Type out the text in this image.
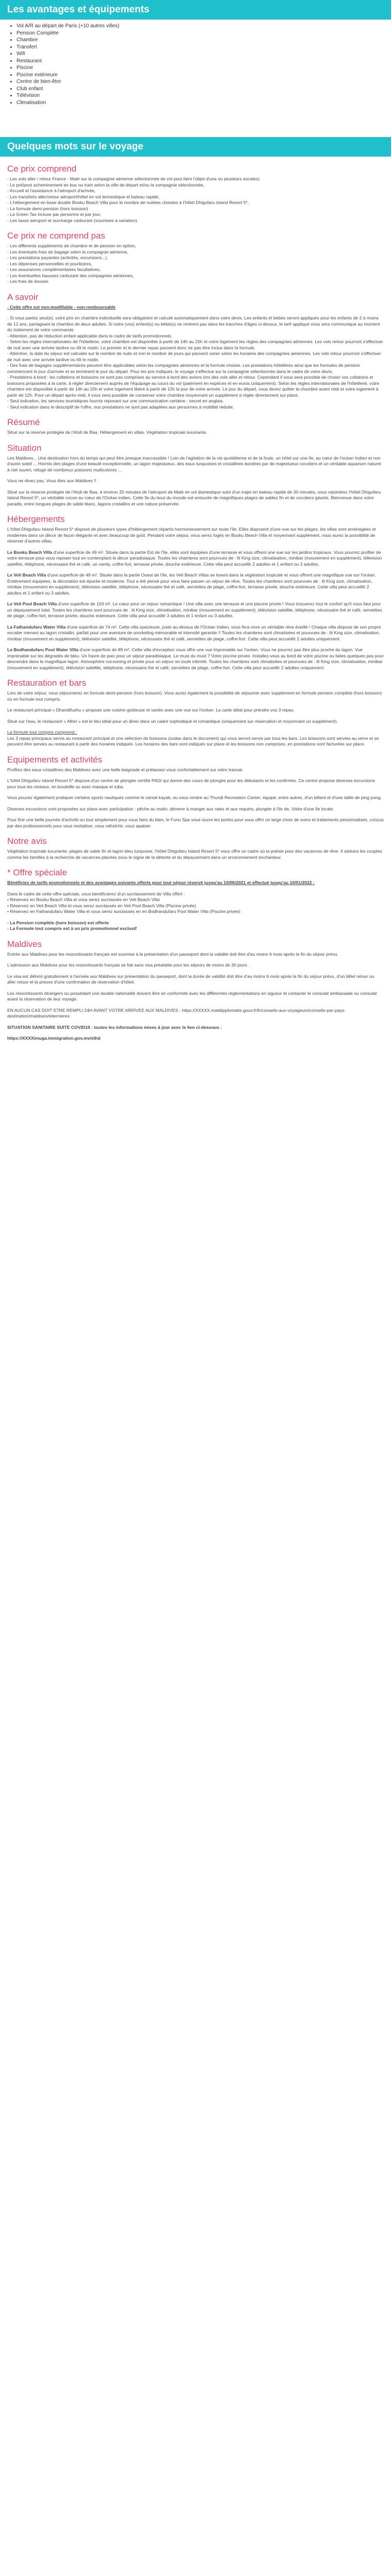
Les avantages et équipements
• Vol A/R au départ de Paris (+10 autres villes)
• Pension Complète
• Chambre
• Transfert
• Wifi
• Restaurant
• Piscine
• Piscine extérieure
• Centre de bien-être
• Club enfant
• Télévision
• Climatisation
Quelques mots sur le voyage
Ce prix comprend

- Les vols aller / retour France - Malé sur la compagnie aérienne sélectionnée de vol peut faire l'objet d'une ou plusieurs escales)

- Le pré/post acheminement en bus ou train selon la ville de départ et/ou la compagnie sélectionnée,

- Accueil et l'assistance à l'aéroport d'arrivée,

- Les transferts aller/retour aéroport/hôtel en vol domestique et bateau rapide,

- L'hébergement en base double Booku Beach Villa pour le nombre de nuitées choisies à l'hôtel Dhigufaru Island Resort 5*,

- La formule demi-pension (hors boisson)

- La Green Tax incluse par personne et par jour,

- Les taxes aéroport et surcharge carburant (soumises à variation).

Ce prix ne comprend pas

- Les différents suppléments de chambre et de pension en option,

- Les éventuels frais de bagage selon la compagnie aérienne,

- Les prestations payantes (activités, excursions...),

- Les dépenses personnelles et pourboires,

- Les assurances complémentaires facultatives,

- Les éventuelles hausses carburant des compagnies aériennes,

- Les frais de dossier.

A savoir

- Cette offre est non-modifiable - non-remboursable

- Si vous partez seul(e), votre prix en chambre individuelle sera obligatoire et calculé automatiquement dans votre devis. Les enfants et bébés seront appliqués pour les enfants de 2 à moins de 12 ans, partageant la chambre de deux adultes. Si votre (vos) enfant(s) ou bébé(s) ne rentrent pas dans les tranches d'âges ci-dessus, le tarif appliqué vous sera communiqué au moment du traitement de votre commande.

- Attention, pas de réduction enfant applicable dans le cadre de tarifs promotionnels.

- Selon les règles internationales de l'hôtellerie, votre chambre est disponible à partir de 14h au 15h et votre logement les règles des compagnies aériennes. Les vols retour pourront s'effectuer de nuit avec une arrivée tardive ou tôt le matin. Le premier et le dernier repas peuvent donc ne pas être inclus dans la formule.

- Attention, la date du séjour est calculée sur le nombre de nuits et non le nombre de jours qui peuvent varier selon les horaires des compagnies aériennes. Les vols retour pourront s'effectuer de nuit avec une arrivée tardive ou tôt le matin.

- Des frais de bagages supplémentaires peuvent être applicables selon les compagnies aériennes et la formule choisie. Les prestations hôtelières ainsi que les formules de pension commencent le jour d'arrivée et se terminent le jour du départ. Pour les prix indiqués, le voyage s'effectue sur la compagnie sélectionnée dans le cadre de votre devis.

- Prestations à bord : les collations et boissons ne sont pas comprises au service à bord des avions lors des vols aller et retour. Cependant il vous sera possible de choisir vos collations et boissons proposées à la carte, à régler directement auprès de l'équipage au cours du vol (paiement en espèces et en euros uniquement). Selon les règles internationales de l'hôtellerie, votre chambre est disponible à partir de 14h au 15h et votre logement libéré à partir de 12h la jour de votre arrivée. Le jour du départ, vous devez quitter la chambre avant midi et votre logement à partir de 12h. Pour un départ après midi, il vous sera possible de conserver votre chambre moyennant un supplément à régler directement sur place.

- Seul indication, les services touristiques fournis reposant sur une communication certaine : secret en anglais.

- Seul indication dans le descriptif de l'offre, nos prestations ne sont pas adaptées aux personnes à mobilité réduite.

Résumé

Situé sur la réserve protégée de l'Atoll de Baa. Hébergement en villas. Végétation tropicale luxuriante.

Situation

Les Maldives... Une destination hors du temps qui peut être presque inaccessible ! Loin de l'agitation de la vie quotidienne et de la foule, un hôtel sur une île, au cœur de l'océan Indien et non d'autre soleil ... Hormis des plages d'une beauté exceptionnelle, un lagon majestueux, des eaux turquoises et cristallines bordées par de majestueux cocotiers et un véritable aquarium naturel à ciel ouvert, refuge de nombreux poissons multicolores ...

Vous ne rêvez pas, Vous êtes aux Maldives !!

Situé sur la réserve protégée de l'Atoll de Baa, à environ 25 minutes de l'aéroport de Malé en vol domestique suivi d'un trajet en bateau rapide de 30 minutes, vous rejoindrez l'hôtel Dhigufaru Island Resort 5*, un véritable cocon au cœur de l'Océan indien. Cette île du bout du monde est entourée de magnifiques plages de sables fin et de cocotiers géants. Bienvenue dans votre paradis, entre longues plages de sable blanc, lagons cristallins et une nature préservée.

Hébergements

L'hôtel Dhigufaru Island Resort 5* dispose de plusieurs types d'hébergement répartis harmonieusement sur toute l'île. Elles disposent d'une vue sur les plages, les villas sont aménagées et modernes dans un décor de façon élégante et avec beaucoup de goût. Pendant votre séjour, vous serez logés en Booku Beach Villa et moyennant supplément, vous aurez la possibilité de réserver d'autres villas.

Le Booku Beach Villa d'une superficie de 49 m². Située dans la partie Est de l'île, elles sont équipées d'une terrasse et vous offrent une vue sur les jardins tropicaux. Vous pourrez profiter de votre terrasse pour vous reposer tout en contemplant le décor paradisiaque. Toutes les chambres sont pourvues de : lit King size, climatisation, minibar (mouvement en supplément), télévision satellite, téléphone, nécessaire thé et café, un vanity, coffre-fort, terrasse privée, douche extérieure. Cette villa peut accueillir 2 adultes et 1 enfant ou 3 adultes.

Le Veli Beach Villa d'une superficie de 49 m². Située dans la partie Ouest de l'île, les Veli Beach Villas se lovent dans la végétation tropicale et vous offrent une magnifique vue sur l'océan. Entièrement équipées, la décoration est épurée et moderne. Tout a été pensé pour vous faire passer un séjour de rêve. Toutes les chambres sont pourvues de : lit King size, climatisation, minibar (mouvement en supplément), télévision satellite, téléphone, nécessaire thé et café, serviettes de plage, coffre-fort, terrasse privée, douche extérieure. Cette villa peut accueillir 2 adultes et 1 enfant ou 3 adultes.

Le Veli Pool Beach Villa d'une superficie de 103 m². Le cœur pour un séjour romantique ! Une villa avec une terrasse et une piscine privée ! Vous trouverez tout le confort qu'il vous faut pour un dépaysement total. Toutes les chambres sont pourvues de : lit King size, climatisation, minibar (mouvement en supplément), télévision satellite, téléphone, nécessaire thé et café, serviettes de plage, coffre-fort, terrasse privée, douche extérieure. Cette villa peut accueillir 3 adultes et 1 enfant ou 3 adultes.

La Fathandufaru Water Villa d'une superficie de 74 m². Cette villa spacieuse, juste au-dessus de l'Océan Indien, vous fera vivre un véritable rêve éveillé ! Chaque villa dispose de son propre escalier menant au lagon cristallin, parfait pour une aventure de snorkeling mémorable et intensité garantie !! Toutes les chambres sont climatisées et pourvues de : lit King size, climatisation, minibar (mouvement en supplément), télévision satellite, téléphone, nécessaire thé et café, serviettes de plage, coffre-fort. Cette villa peut accueillir 2 adultes uniquement.

La Bodhandufaru Pool Water Villa d'une superficie de 89 m². Cette villa d'exception vous offre une vue imprenable sur l'océan. Vous ne pourrez pas être plus proche du lagon. Vue imprenable sur les dégradés de bleu. Un havre de paix pour un séjour paradisiaque. Le must du must ? Votre piscine privée. Installez-vous au bord de votre piscine ou faites quelques pas pour descendre dans le magnifique lagon. Atmosphère cocooning et privée pour un séjour en toute intimité. Toutes les chambres sont climatisées et pourvues de : lit King size, climatisation, minibar (mouvement en supplément), télévision satellite, téléphone, nécessaire thé et café, serviettes de plage, coffre-fort. Cette villa peut accueillir 2 adultes uniquement.

Restauration et bars

Lors de votre séjour, vous séjournerez en formule demi-pension (hors boisson). Vous aurez également la possibilité de séjourner avec supplément en formule pension complète (hors boisson) ou en formule tout compris.

Le restaurant principal « Dhandifushu » propose une cuisine goûteuse et variée avec une vue sur l'océan. La carte idéal pour prendre vos 3 repas.

Situé sur l'eau, le restaurant « Athiri » est le lieu idéal pour un dîner dans un cadre sophistiqué et romantique (uniquement sur réservation et moyennant un supplément).

La formule tout compris comprend :

Les 3 repas principaux servis au restaurant principal et une sélection de boissons (sodas dans le document) qui vous seront servis par tous les bars. Les boissons sont servies au verre et se peuvent être servies au restaurant à partir des horaires indiqués. Les horaires des bars sont indiqués sur place et les boissons non comprises, en prestations sont facturées sur place.

Equipements et activités

Profitez des eaux cristallines des Maldives avec une belle baignade et prélassez-vous confortablement sur votre transat.

L'hôtel Dhigufaru Island Resort 5* dispose d'un centre de plongée certifié PADI qui donne des cours de plongée pour les débutants et les confirmés. Ce centre propose diverses excursions pour tous les niveaux, en bouteille ou avec masque et tuba.

Vous pouvez également pratiquer certains sports nautiques comme le canoë kayak, ou vous rendre au Thundi Recreation Center, équipé, entre autres, d'un billard et d'une table de ping pong.

Diverses excursions sont proposées sur place avec participation : pêche au matin, dénerer à manger aux raies et aux requins, plongée à l'ile de, Visite d'une île locale.

Pour finir une belle journée d'activité ou tout simplement pour vous faire du bien, le Funu Spa vous ouvre les portes pour vous offrir un large choix de soins et traitements personnalisés, conçus par des professionnels pour vous revitaliser, vous rafraîchir, vous apaiser.

Notre avis

Végétation tropicale luxuriante, plages de sable fin et lagon bleu turquoise, l'hôtel Dhigufaru Island Resort 5* vous offre un cadre où la poésie pour des vacances de rêve. Il séduira les couples comme les familles à la recherche de vacances placées sous le signe de la détente et du dépaysement dans un environnement enchanteur.

* Offre spéciale

Bénéficiez de tarifs promotionnels et des avantages suivants offerts pour tout séjour réservé jusqu'au 10/06/2021 et effectué jusqu'au 10/01/2022 :

Dans le cadre de cette offre spéciale, vous bénéficierez d'un surclassement de Villa offert :

• Réservez en Booku Beach Villa et vous serez surclassés en Veli Beach Villa

• Réservez en Veli Beach Villa et vous serez surclassés en Veli Pool Beach Villa (Piscine privée)

• Réservez en Fathandufaru Water Villa et vous serez surclassés en en Bodhandufaru Pool Water Villa (Piscine privée)

- La Pension complète (hors boisson) est offerte

- La Formule tout compris est à un prix promotionnel exclusif

Maldives

Entrée aux Maldives pour les ressortissants français est soumise à la présentation d'un passeport dont la validité doit être d'au moins 6 mois après la fin du séjour prévu.

L'admission aux Maldives pour les ressortissants français se fait sans visa préalable pour les séjours de moins de 30 jours.

Le visa est délivré gratuitement à l'arrivée aux Maldives sur présentation du passeport, dont la durée de validité doit être d'au moins 6 mois après la fin du séjour prévu, d'un billet retour ou aller retour et la preuve d'une confirmation de réservation d'hôtel.

Les ressortissants étrangers ou possédant une double nationalité doivent être en conformité avec les différentes réglementations en vigueur et contacter le consulat ambassade ou consulat avant la réservation de leur voyage.

EN AUCUN CAS DOIT ETRE REMPLI 24H AVANT VOTRE ARRIVEE AUX MALDIVES : https://XXXXX.maldiipplomatie.gouv.fr/fr/conseils-aux-voyageurs/conseils-par-pays-destination/maldives/#dernieres

SITUATION SANITAIRE SUITE COVID19 : toutes les informations mises à jour avec le lien ci-dessous :

https://XXXXimuga.immigration.gov.mv/ethd
